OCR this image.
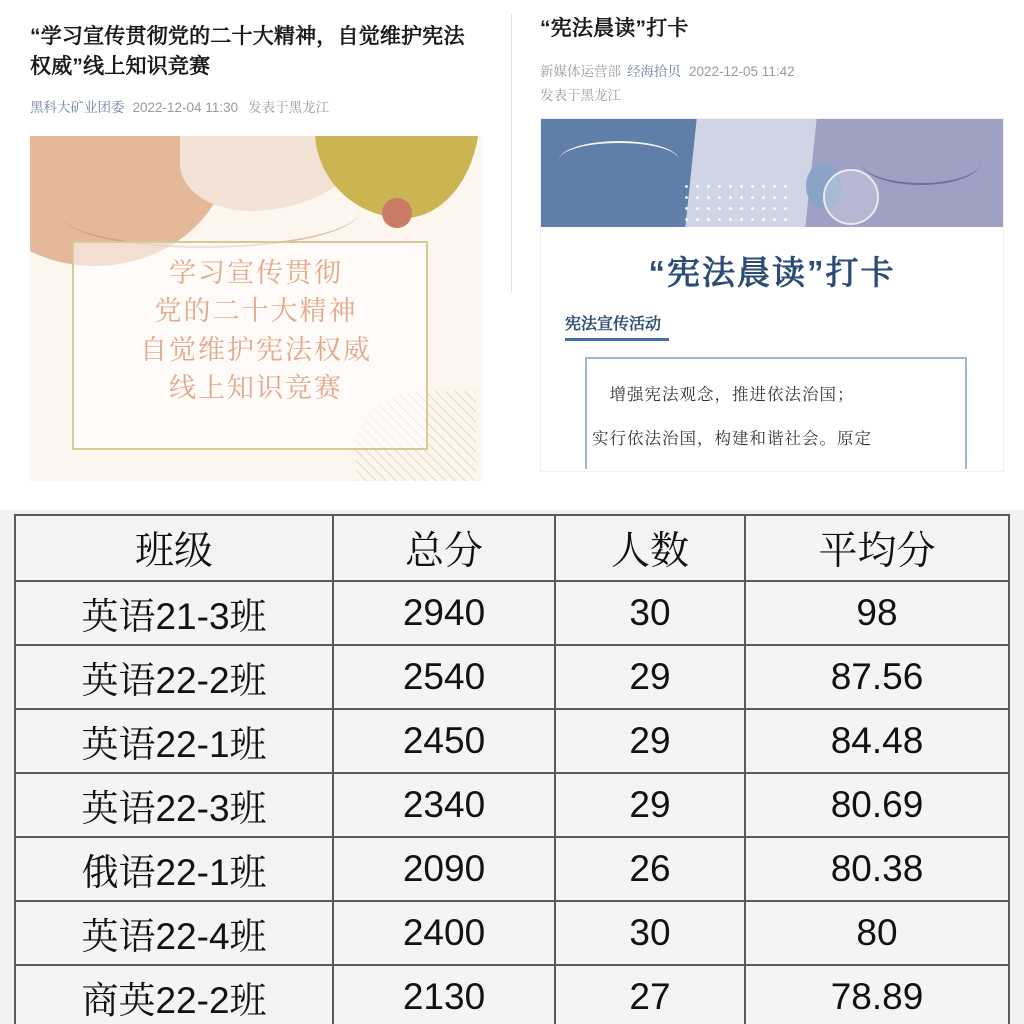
“学习宣传贯彻党的二十大精神，自觉维护宪法权威”线上知识竞赛
黑科大矿业团委 2022-12-04 11:30 发表于黑龙江
学习宣传贯彻
党的二十大精神
自觉维护宪法权威
线上知识竞赛
“宪法晨读”打卡
新媒体运营部 经海拾贝 2022-12-05 11:42
发表于黑龙江
“宪法晨读”打卡
宪法宣传活动
增强宪法观念，推进依法治国；
实行依法治国，构建和谐社会。原定
班级	总分	人数	平均分
英语21-3班	2940	30	98
英语22-2班	2540	29	87.56
英语22-1班	2450	29	84.48
英语22-3班	2340	29	80.69
俄语22-1班	2090	26	80.38
英语22-4班	2400	30	80
商英22-2班	2130	27	78.89
